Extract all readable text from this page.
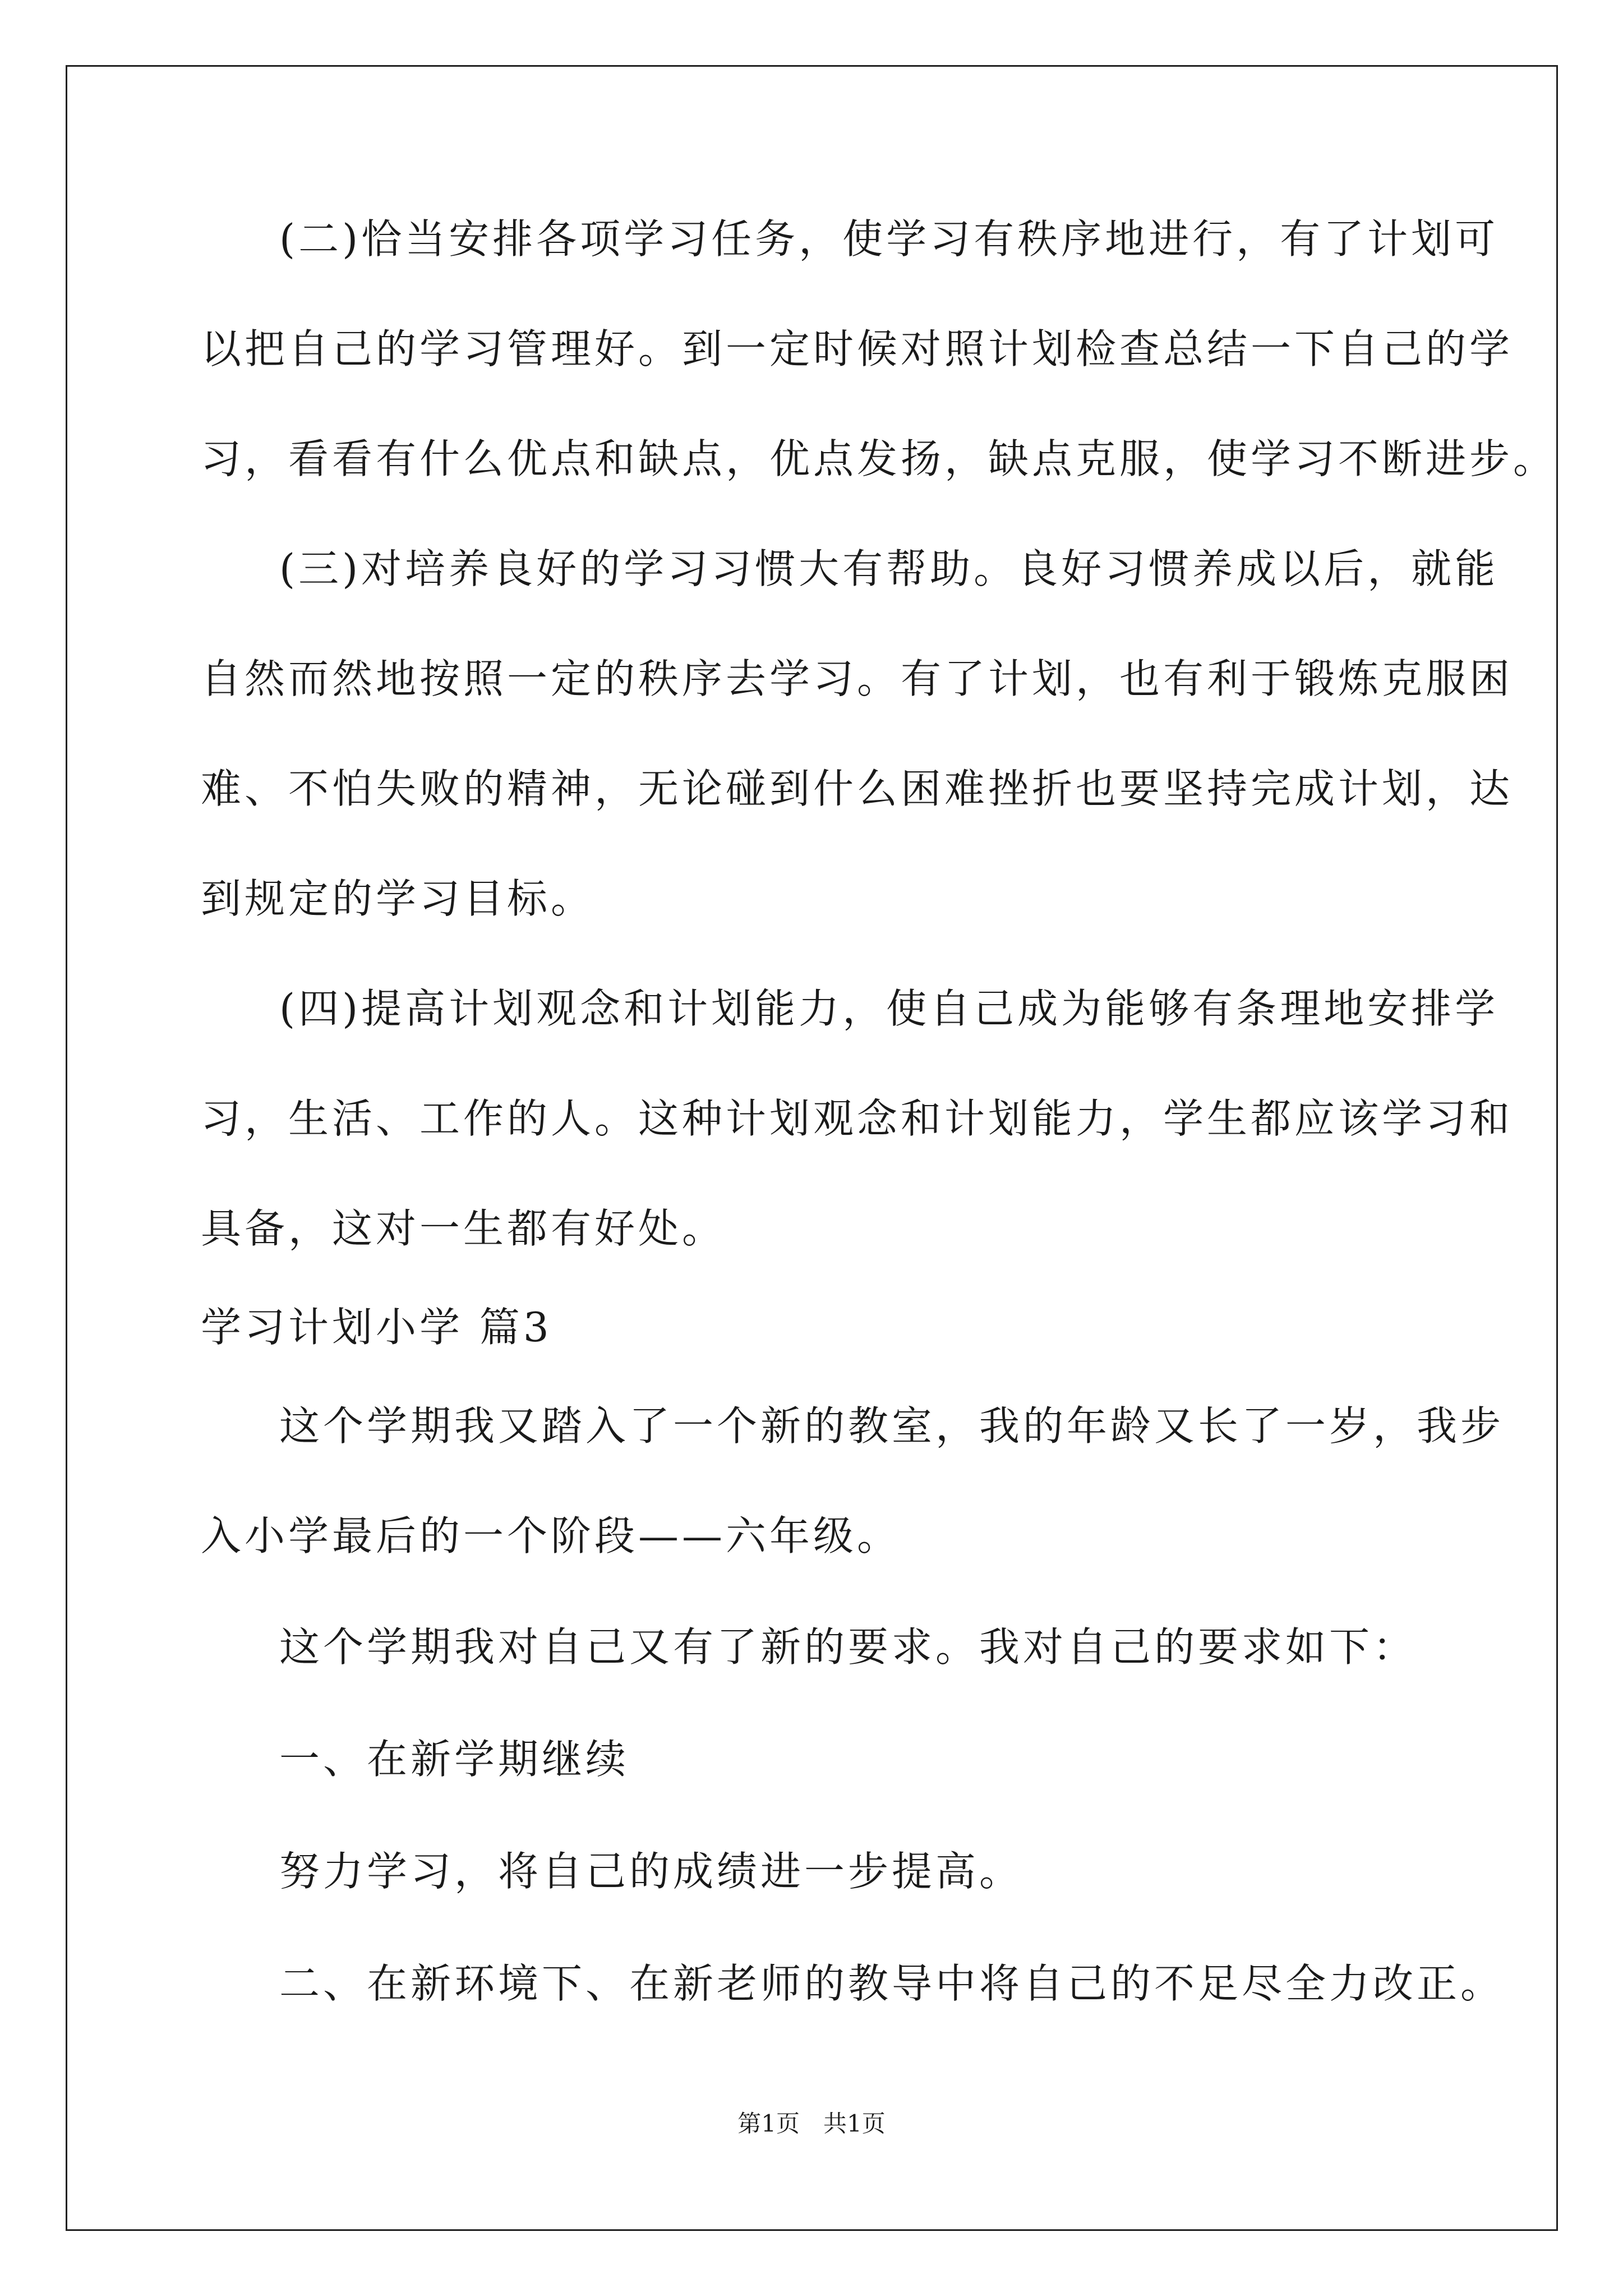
(二)恰当安排各项学习任务，使学习有秩序地进行，有了计划可
以把自己的学习管理好。到一定时候对照计划检查总结一下自己的学
习，看看有什么优点和缺点，优点发扬，缺点克服，使学习不断进步。
(三)对培养良好的学习习惯大有帮助。良好习惯养成以后，就能
自然而然地按照一定的秩序去学习。有了计划，也有利于锻炼克服困
难、不怕失败的精神，无论碰到什么困难挫折也要坚持完成计划，达
到规定的学习目标。
(四)提高计划观念和计划能力，使自己成为能够有条理地安排学
习，生活、工作的人。这种计划观念和计划能力，学生都应该学习和
具备，这对一生都有好处。
学习计划小学 篇3
这个学期我又踏入了一个新的教室，我的年龄又长了一岁，我步
入小学最后的一个阶段——六年级。
这个学期我对自己又有了新的要求。我对自己的要求如下：
一、在新学期继续
努力学习，将自己的成绩进一步提高。
二、在新环境下、在新老师的教导中将自己的不足尽全力改正。
第1页　共1页
